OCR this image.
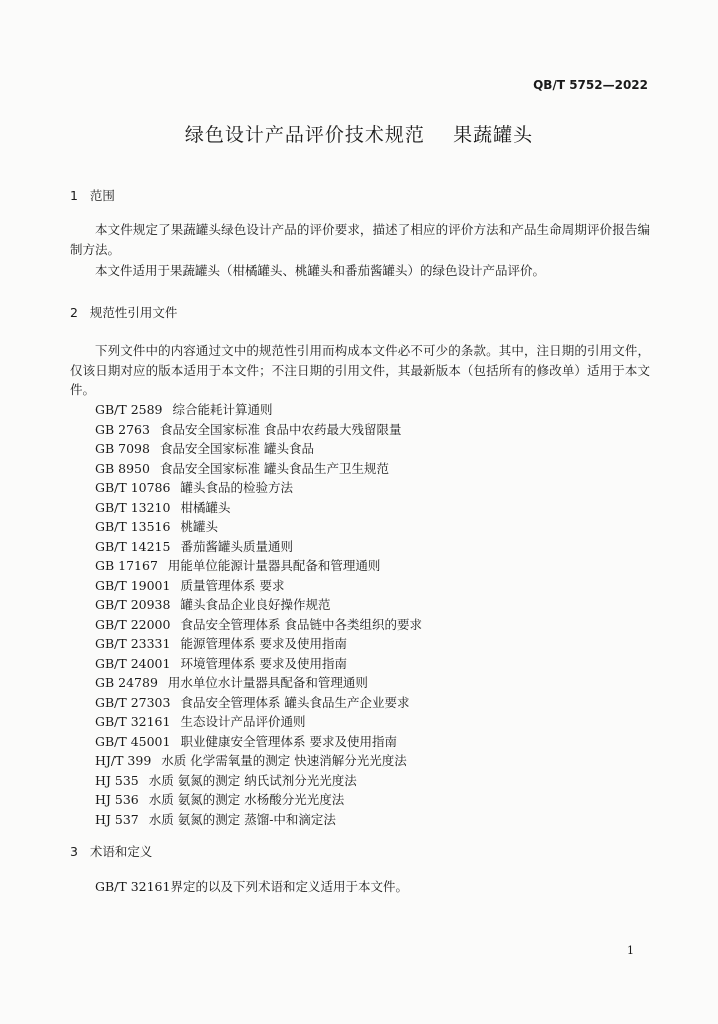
QB/T 5752—2022
绿色设计产品评价技术规范    果蔬罐头
1   范围
本文件规定了果蔬罐头绿色设计产品的评价要求，描述了相应的评价方法和产品生命周期评价报告编制方法。
本文件适用于果蔬罐头（柑橘罐头、桃罐头和番茄酱罐头）的绿色设计产品评价。
2   规范性引用文件
下列文件中的内容通过文中的规范性引用而构成本文件必不可少的条款。其中，注日期的引用文件，仅该日期对应的版本适用于本文件；不注日期的引用文件，其最新版本（包括所有的修改单）适用于本文件。
GB/T 2589 综合能耗计算通则
GB 2763 食品安全国家标准 食品中农药最大残留限量
GB 7098 食品安全国家标准 罐头食品
GB 8950 食品安全国家标准 罐头食品生产卫生规范
GB/T 10786 罐头食品的检验方法
GB/T 13210 柑橘罐头
GB/T 13516 桃罐头
GB/T 14215 番茄酱罐头质量通则
GB 17167 用能单位能源计量器具配备和管理通则
GB/T 19001 质量管理体系 要求
GB/T 20938 罐头食品企业良好操作规范
GB/T 22000 食品安全管理体系 食品链中各类组织的要求
GB/T 23331 能源管理体系 要求及使用指南
GB/T 24001 环境管理体系 要求及使用指南
GB 24789 用水单位水计量器具配备和管理通则
GB/T 27303 食品安全管理体系 罐头食品生产企业要求
GB/T 32161 生态设计产品评价通则
GB/T 45001 职业健康安全管理体系 要求及使用指南
HJ/T 399 水质 化学需氧量的测定 快速消解分光光度法
HJ 535 水质 氨氮的测定 纳氏试剂分光光度法
HJ 536 水质 氨氮的测定 水杨酸分光光度法
HJ 537 水质 氨氮的测定 蒸馏-中和滴定法
3   术语和定义
GB/T 32161界定的以及下列术语和定义适用于本文件。
1
